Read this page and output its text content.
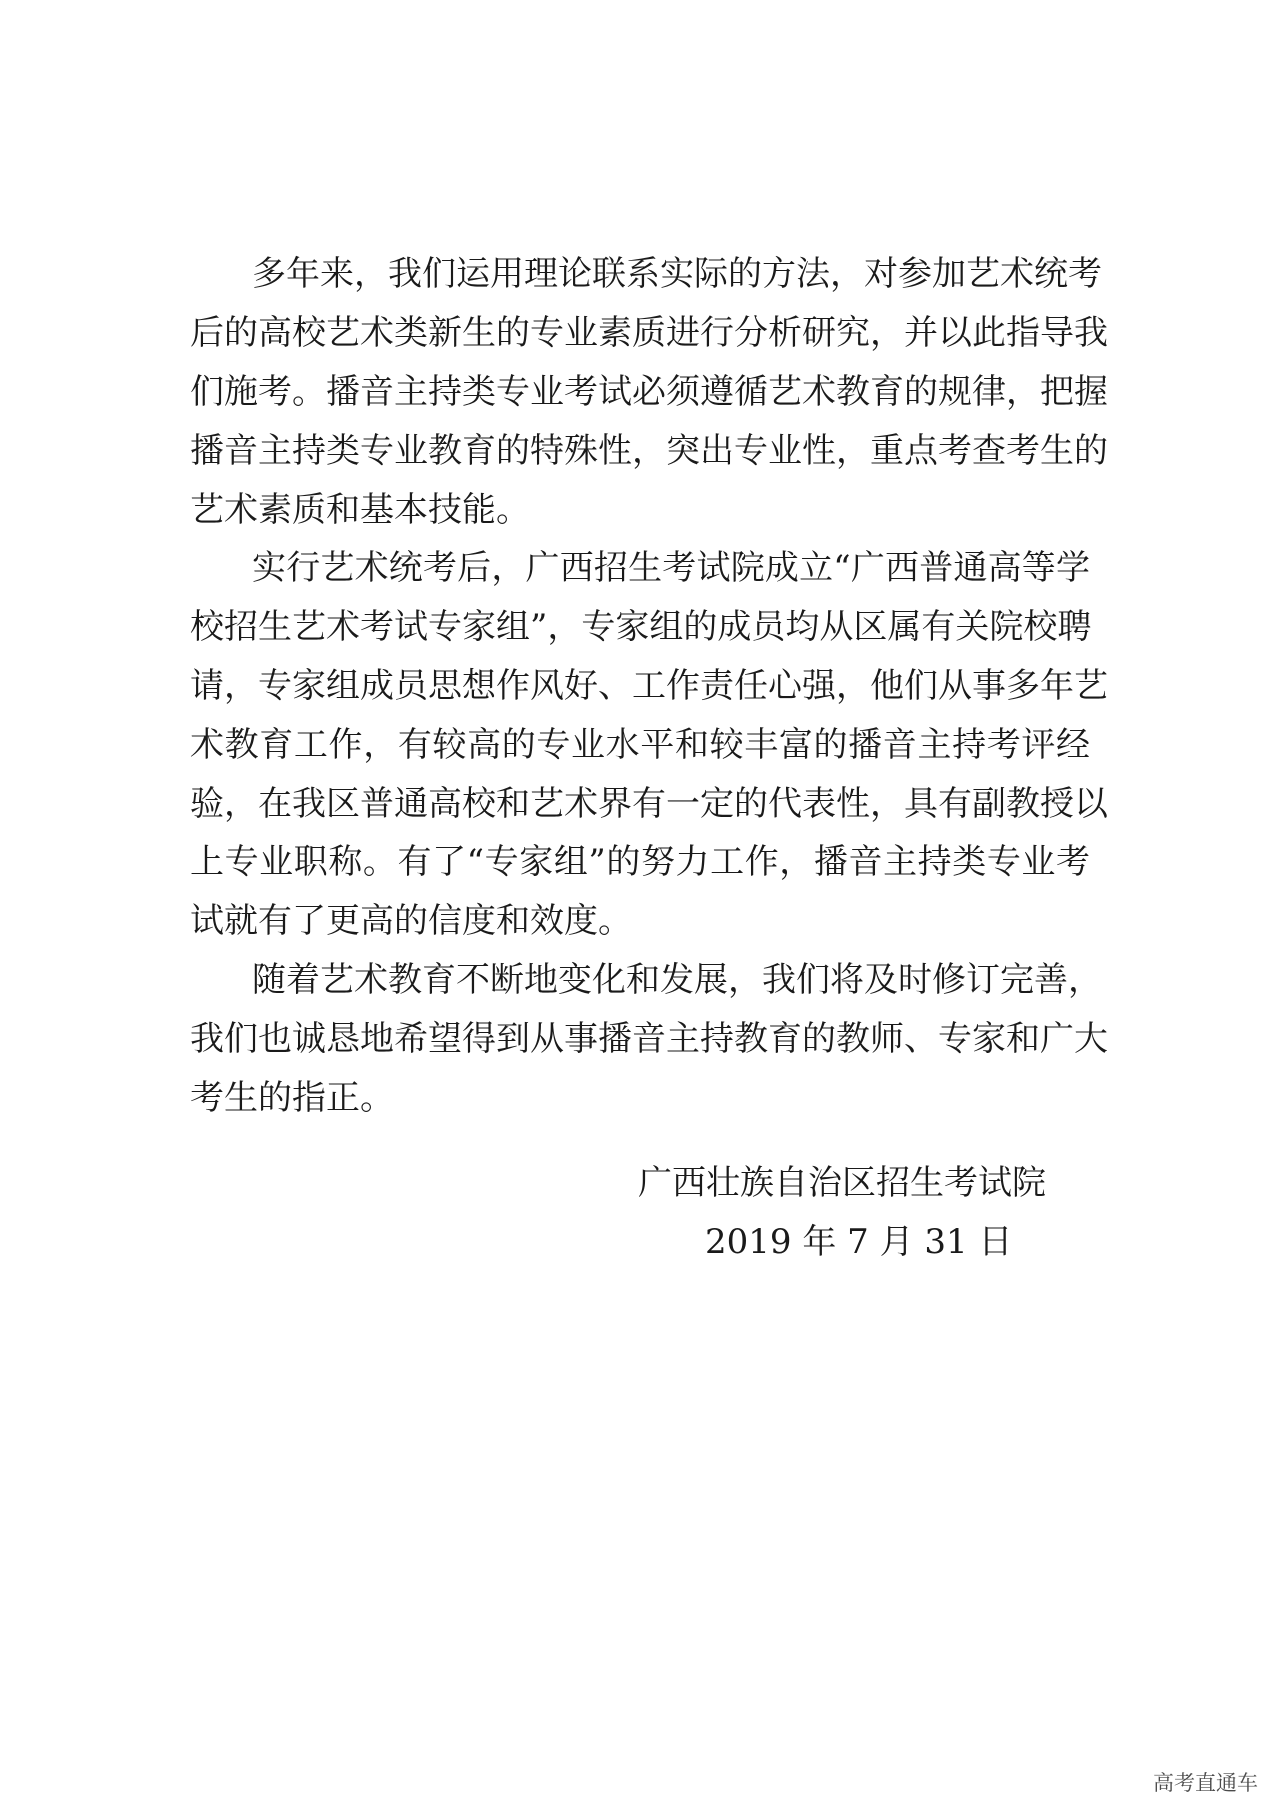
多年来，我们运用理论联系实际的方法，对参加艺术统考
后的高校艺术类新生的专业素质进行分析研究，并以此指导我
们施考。播音主持类专业考试必须遵循艺术教育的规律，把握
播音主持类专业教育的特殊性，突出专业性，重点考查考生的
艺术素质和基本技能。
实行艺术统考后，广西招生考试院成立“广西普通高等学
校招生艺术考试专家组”，专家组的成员均从区属有关院校聘
请，专家组成员思想作风好、工作责任心强，他们从事多年艺
术教育工作，有较高的专业水平和较丰富的播音主持考评经
验，在我区普通高校和艺术界有一定的代表性，具有副教授以
上专业职称。有了“专家组”的努力工作，播音主持类专业考
试就有了更高的信度和效度。
随着艺术教育不断地变化和发展，我们将及时修订完善，
我们也诚恳地希望得到从事播音主持教育的教师、专家和广大
考生的指正。
广西壮族自治区招生考试院
2019 年 7 月 31 日
高考直通车
